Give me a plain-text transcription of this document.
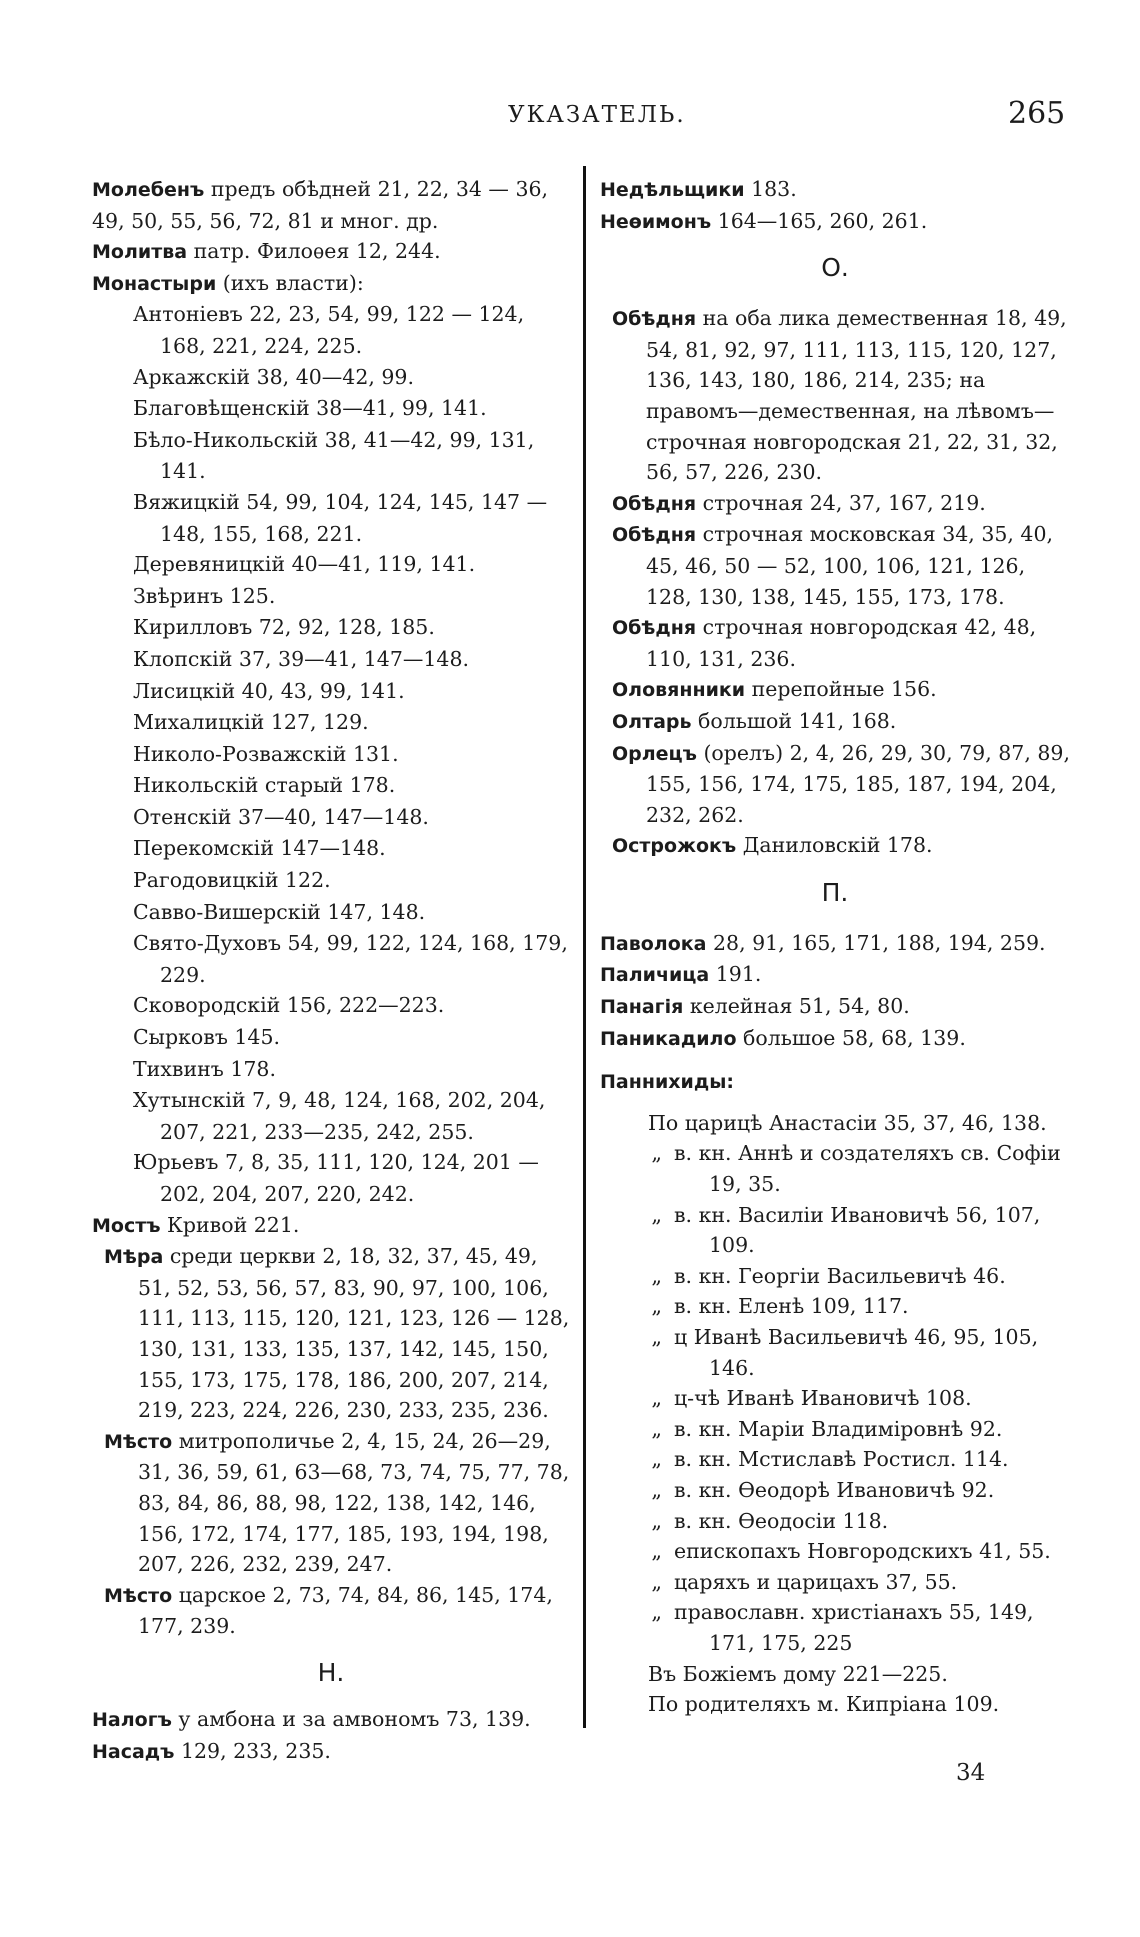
УКАЗАТЕЛЬ.	265

Молебенъ предъ обѣдней 21, 22, 34 — 36, 49, 50, 55, 56, 72, 81 и мног. др.

Молитва патр. Филоѳея 12, 244.

Монастыри (ихъ власти):

Антоніевъ 22, 23, 54, 99, 122 — 124, 168, 221, 224, 225.

Аркажскій 38, 40—42, 99.

Благовѣщенскій 38—41, 99, 141.

Бѣло-Никольскій 38, 41—42, 99, 131, 141.

Вяжицкій 54, 99, 104, 124, 145, 147 — 148, 155, 168, 221.

Деревяницкій 40—41, 119, 141.

Звѣринъ 125.

Кирилловъ 72, 92, 128, 185.

Клопскій 37, 39—41, 147—148.

Лисицкій 40, 43, 99, 141.

Михалицкій 127, 129.

Николо-Розважскій 131.

Никольскій старый 178.

Отенскій 37—40, 147—148.

Перекомскій 147—148.

Рагодовицкій 122.

Савво-Вишерскій 147, 148.

Свято-Духовъ 54, 99, 122, 124, 168, 179, 229.

Сковородскій 156, 222—223.

Сырковъ 145.

Тихвинъ 178.

Хутынскій 7, 9, 48, 124, 168, 202, 204, 207, 221, 233—235, 242, 255.

Юрьевъ 7, 8, 35, 111, 120, 124, 201 — 202, 204, 207, 220, 242.

Мостъ Кривой 221.

Мѣра среди церкви 2, 18, 32, 37, 45, 49, 51, 52, 53, 56, 57, 83, 90, 97, 100, 106, 111, 113, 115, 120, 121, 123, 126 — 128, 130, 131, 133, 135, 137, 142, 145, 150, 155, 173, 175, 178, 186, 200, 207, 214, 219, 223, 224, 226, 230, 233, 235, 236.

Мѣсто митрополичье 2, 4, 15, 24, 26—29, 31, 36, 59, 61, 63—68, 73, 74, 75, 77, 78, 83, 84, 86, 88, 98, 122, 138, 142, 146, 156, 172, 174, 177, 185, 193, 194, 198, 207, 226, 232, 239, 247.

Мѣсто царское 2, 73, 74, 84, 86, 145, 174, 177, 239.

Н.

Налогъ у амбона и за амвономъ 73, 139.

Насадъ 129, 233, 235.

Недѣльщики 183.

Неѳимонъ 164—165, 260, 261.

О.

Обѣдня на оба лика демественная 18, 49, 54, 81, 92, 97, 111, 113, 115, 120, 127, 136, 143, 180, 186, 214, 235; на правомъ—демественная, на лѣвомъ—строчная новгородская 21, 22, 31, 32, 56, 57, 226, 230.

Обѣдня строчная 24, 37, 167, 219.

Обѣдня строчная московская 34, 35, 40, 45, 46, 50 — 52, 100, 106, 121, 126, 128, 130, 138, 145, 155, 173, 178.

Обѣдня строчная новгородская 42, 48, 110, 131, 236.

Оловянники перепойные 156.

Олтарь большой 141, 168.

Орлецъ (орелъ) 2, 4, 26, 29, 30, 79, 87, 89, 155, 156, 174, 175, 185, 187, 194, 204, 232, 262.

Острожокъ Даниловскій 178.

П.

Паволока 28, 91, 165, 171, 188, 194, 259.

Паличица 191.

Панагія келейная 51, 54, 80.

Паникадило большое 58, 68, 139.

Паннихиды:

По царицѣ Анастасіи 35, 37, 46, 138.
„ в. кн. Аннѣ и создателяхъ св. Софіи 19, 35.
„ в. кн. Василіи Ивановичѣ 56, 107, 109.
„ в. кн. Георгіи Васильевичѣ 46.
„ в. кн. Еленѣ 109, 117.
„ ц Иванѣ Васильевичѣ 46, 95, 105, 146.
„ ц-чѣ Иванѣ Ивановичѣ 108.
„ в. кн. Маріи Владиміровнѣ 92.
„ в. кн. Мстиславѣ Ростисл. 114.
„ в. кн. Ѳеодорѣ Ивановичѣ 92.
„ в. кн. Ѳеодосіи 118.
„ епископахъ Новгородскихъ 41, 55.
„ царяхъ и царицахъ 37, 55.
„ православн. христіанахъ 55, 149, 171, 175, 225
Въ Божіемъ дому 221—225.
По родителяхъ м. Кипріана 109.
34
